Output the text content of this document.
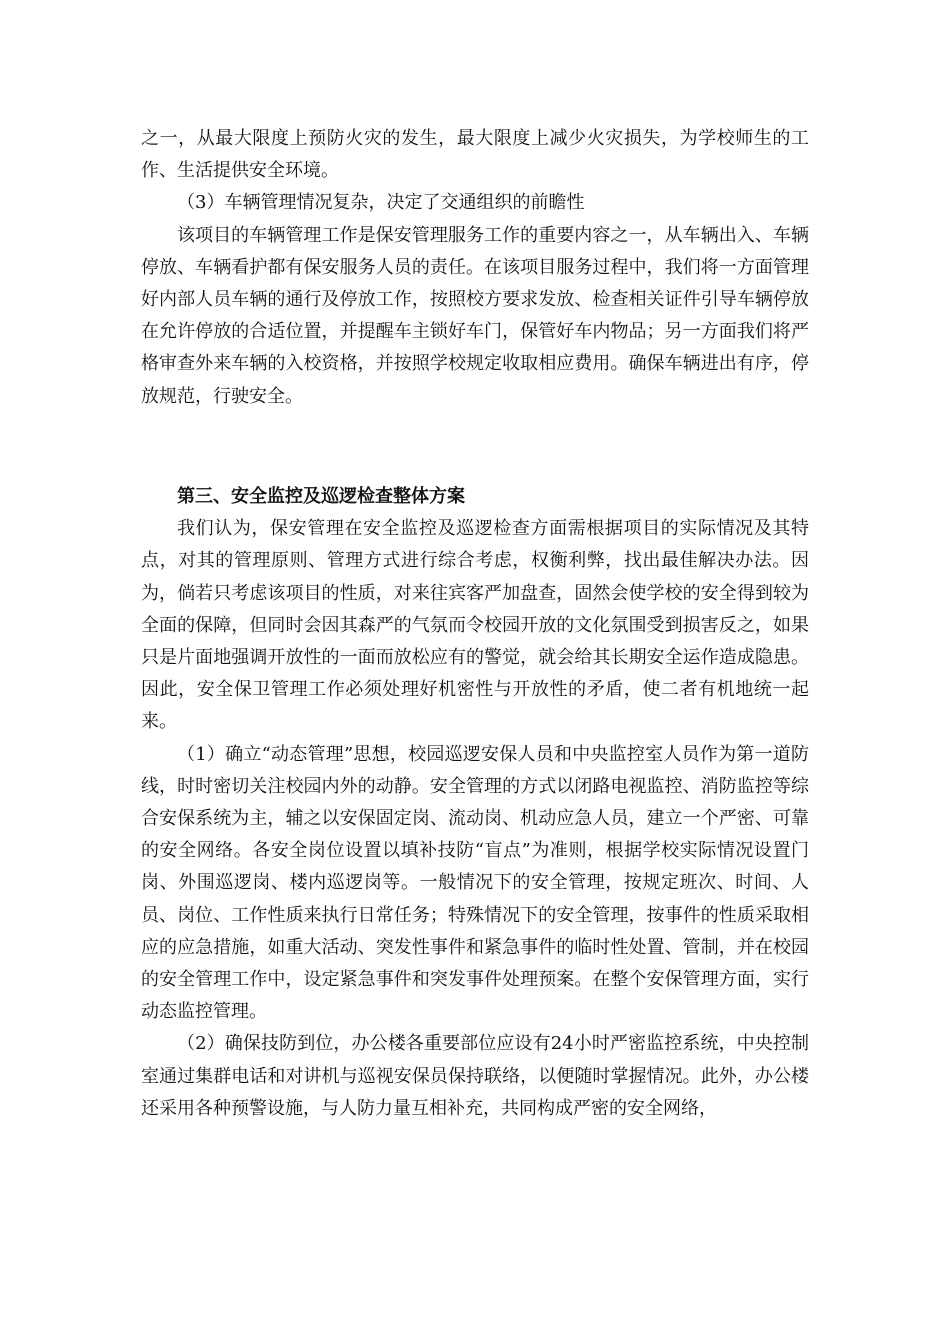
之一，从最大限度上预防火灾的发生，最大限度上减少火灾损失，为学校师生的工作、生活提供安全环境。

（3）车辆管理情况复杂，决定了交通组织的前瞻性

该项目的车辆管理工作是保安管理服务工作的重要内容之一，从车辆出入、车辆停放、车辆看护都有保安服务人员的责任。在该项目服务过程中，我们将一方面管理好内部人员车辆的通行及停放工作，按照校方要求发放、检查相关证件引导车辆停放在允许停放的合适位置，并提醒车主锁好车门，保管好车内物品；另一方面我们将严格审查外来车辆的入校资格，并按照学校规定收取相应费用。确保车辆进出有序，停放规范，行驶安全。

第三、安全监控及巡逻检查整体方案

我们认为，保安管理在安全监控及巡逻检查方面需根据项目的实际情况及其特点，对其的管理原则、管理方式进行综合考虑，权衡利弊，找出最佳解决办法。因为，倘若只考虑该项目的性质，对来往宾客严加盘查，固然会使学校的安全得到较为全面的保障，但同时会因其森严的气氛而令校园开放的文化氛围受到损害反之，如果只是片面地强调开放性的一面而放松应有的警觉，就会给其长期安全运作造成隐患。因此，安全保卫管理工作必须处理好机密性与开放性的矛盾，使二者有机地统一起来。

（1）确立“动态管理”思想，校园巡逻安保人员和中央监控室人员作为第一道防线，时时密切关注校园内外的动静。安全管理的方式以闭路电视监控、消防监控等综合安保系统为主，辅之以安保固定岗、流动岗、机动应急人员，建立一个严密、可靠的安全网络。各安全岗位设置以填补技防“盲点”为准则，根据学校实际情况设置门岗、外围巡逻岗、楼内巡逻岗等。一般情况下的安全管理，按规定班次、时间、人员、岗位、工作性质来执行日常任务；特殊情况下的安全管理，按事件的性质采取相应的应急措施，如重大活动、突发性事件和紧急事件的临时性处置、管制，并在校园的安全管理工作中，设定紧急事件和突发事件处理预案。在整个安保管理方面，实行动态监控管理。

（2）确保技防到位，办公楼各重要部位应设有24小时严密监控系统，中央控制室通过集群电话和对讲机与巡视安保员保持联络，以便随时掌握情况。此外，办公楼还采用各种预警设施，与人防力量互相补充，共同构成严密的安全网络，
